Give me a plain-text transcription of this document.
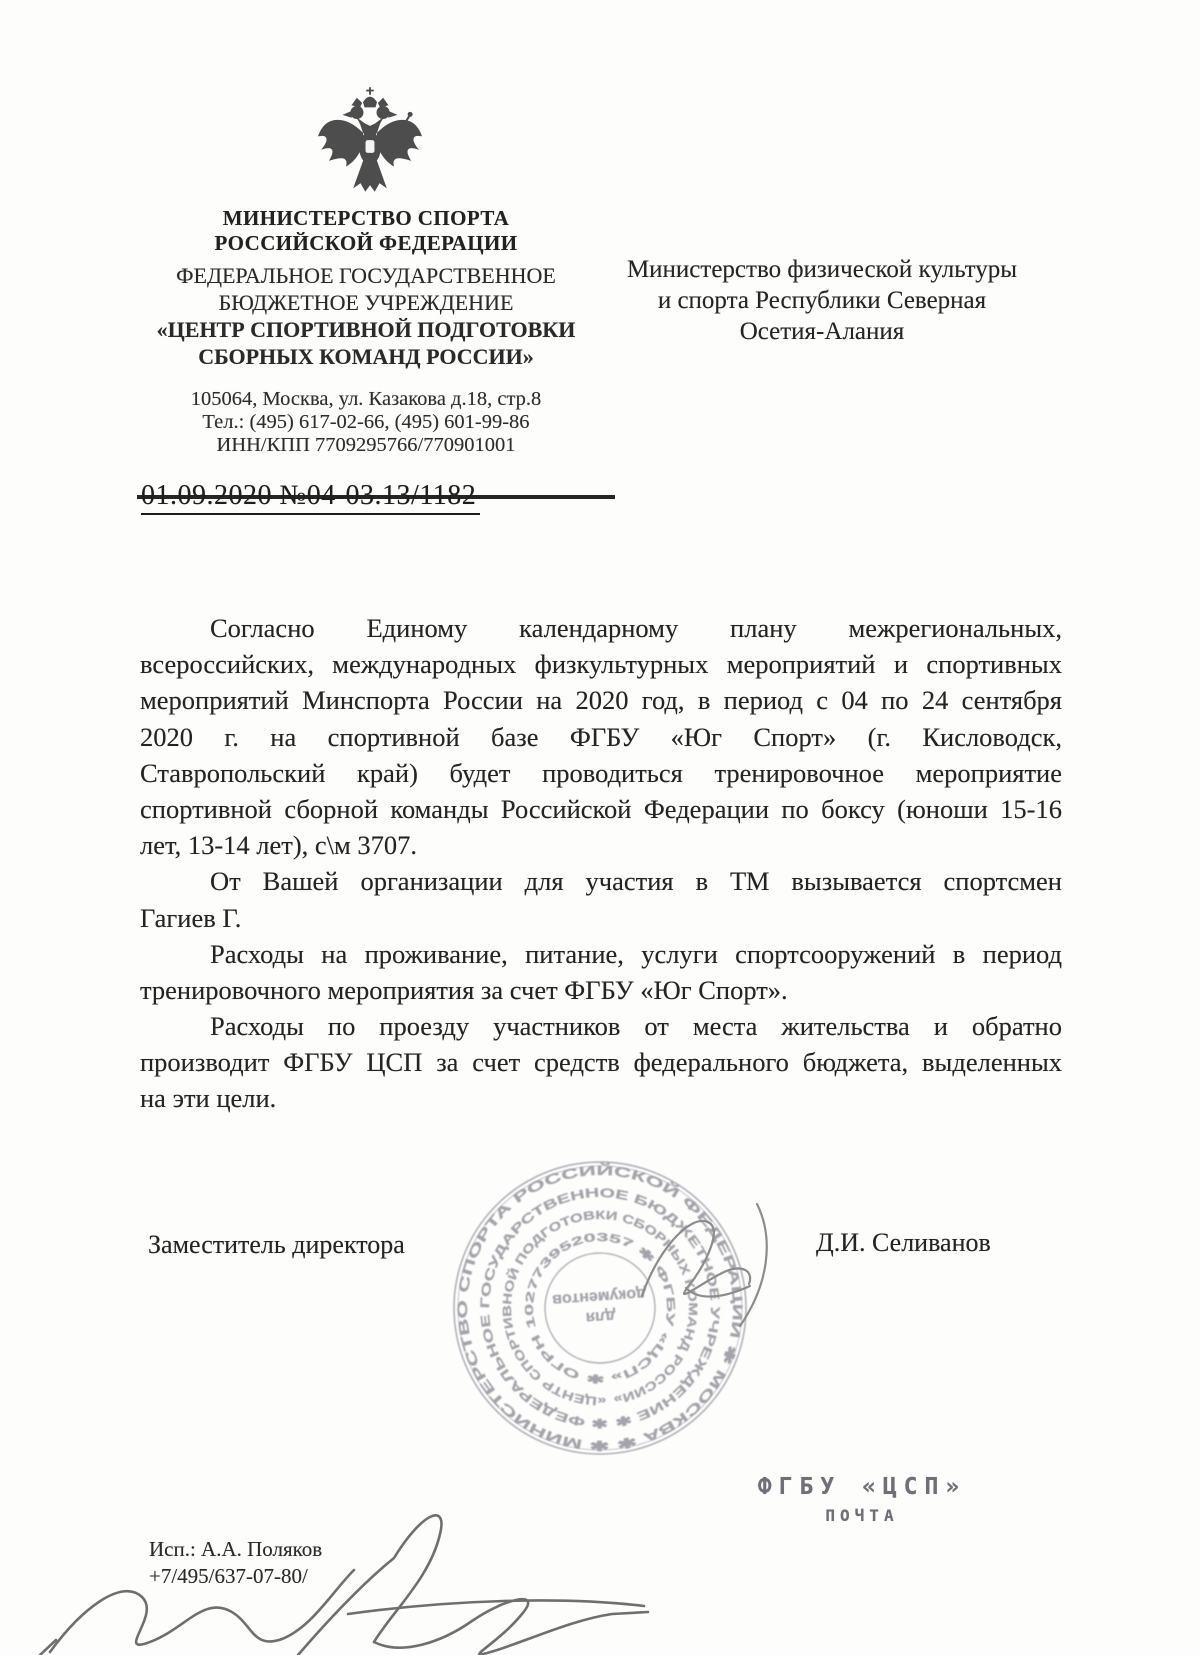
МИНИСТЕРСТВО СПОРТА
РОССИЙСКОЙ ФЕДЕРАЦИИ
ФЕДЕРАЛЬНОЕ ГОСУДАРСТВЕННОЕ
БЮДЖЕТНОЕ УЧРЕЖДЕНИЕ
«ЦЕНТР СПОРТИВНОЙ ПОДГОТОВКИ
СБОРНЫХ КОМАНД РОССИИ»
105064, Москва, ул. Казакова д.18, стр.8
Тел.: (495) 617-02-66, (495) 601-99-86
ИНН/КПП 7709295766/770901001
01.09.2020 №04-03.13/1182
Министерство физической культуры
и спорта Республики Северная
Осетия-Алания
Согласно Единому календарному плану межрегиональных,
всероссийских, международных физкультурных мероприятий и спортивных
мероприятий Минспорта России на 2020 год, в период с 04 по 24 сентября
2020 г. на спортивной базе ФГБУ «Юг Спорт» (г. Кисловодск,
Ставропольский край) будет проводиться тренировочное мероприятие
спортивной сборной команды Российской Федерации по боксу (юноши 15-16
лет, 13-14 лет), с\м 3707.
От Вашей организации для участия в ТМ вызывается спортсмен
Гагиев Г.
Расходы на проживание, питание, услуги спортсооружений в период
тренировочного мероприятия за счет ФГБУ «Юг Спорт».
Расходы по проезду участников от места жительства и обратно
производит ФГБУ ЦСП за счет средств федерального бюджета, выделенных
на эти цели.
Заместитель директора	Д.И. Селиванов
✱ МИНИСТЕРСТВО СПОРТА РОССИЙСКОЙ ФЕДЕРАЦИИ ✱ МОСКВА ✱
✱ ФЕДЕРАЛЬНОЕ ГОСУДАРСТВЕННОЕ БЮДЖЕТНОЕ УЧРЕЖДЕНИЕ ✱
«ЦЕНТР СПОРТИВНОЙ ПОДГОТОВКИ СБОРНЫХ КОМАНД РОССИИ»
✱ ОГРН 1027739520357 ✱ ФГБУ «ЦСП»
для
документов
ФГБУ «ЦСП»
ПОЧТА
Исп.: А.А. Поляков
+7/495/637-07-80/
